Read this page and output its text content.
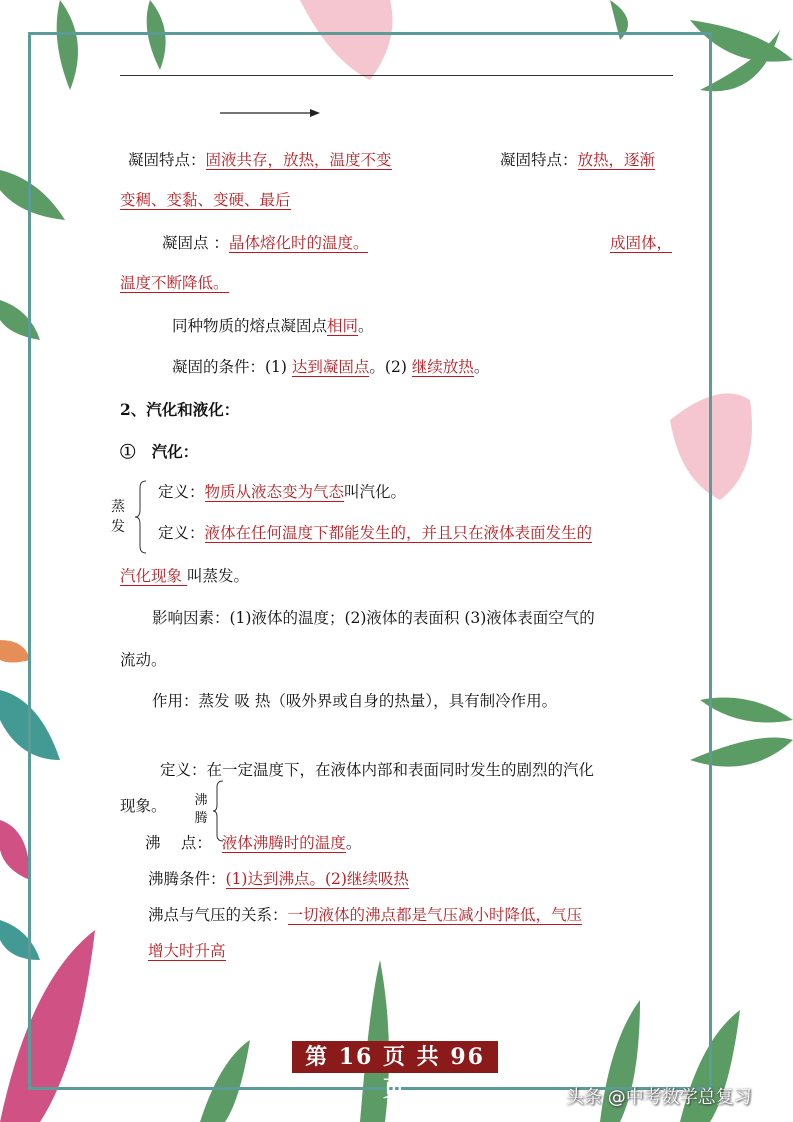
凝固特点：固液共存，放热，温度不变	凝固特点：放热，逐渐
变稠、变黏、变硬、最后
凝固点 ：晶体熔化时的温度。	成固体，
温度不断降低。
同种物质的熔点凝固点相同。
凝固的条件：(1) 达到凝固点。(2) 继续放热。
2、汽化和液化：
① 汽化：
蒸发
定义：物质从液态变为气态叫汽化。
定义：液体在任何温度下都能发生的，并且只在液体表面发生的
汽化现象 叫蒸发。
影响因素：(1)液体的温度；(2)液体的表面积 (3)液体表面空气的
流动。
作用：蒸发 吸 热（吸外界或自身的热量），具有制冷作用。
定义：在一定温度下，在液体内部和表面同时发生的剧烈的汽化
现象。 沸腾
沸　 点： 液体沸腾时的温度。
沸腾条件：(1)达到沸点。(2)继续吸热
沸点与气压的关系：一切液体的沸点都是气压减小时降低，气压
增大时升高
第 16 页 共 96 页	头条 @中考数学总复习
